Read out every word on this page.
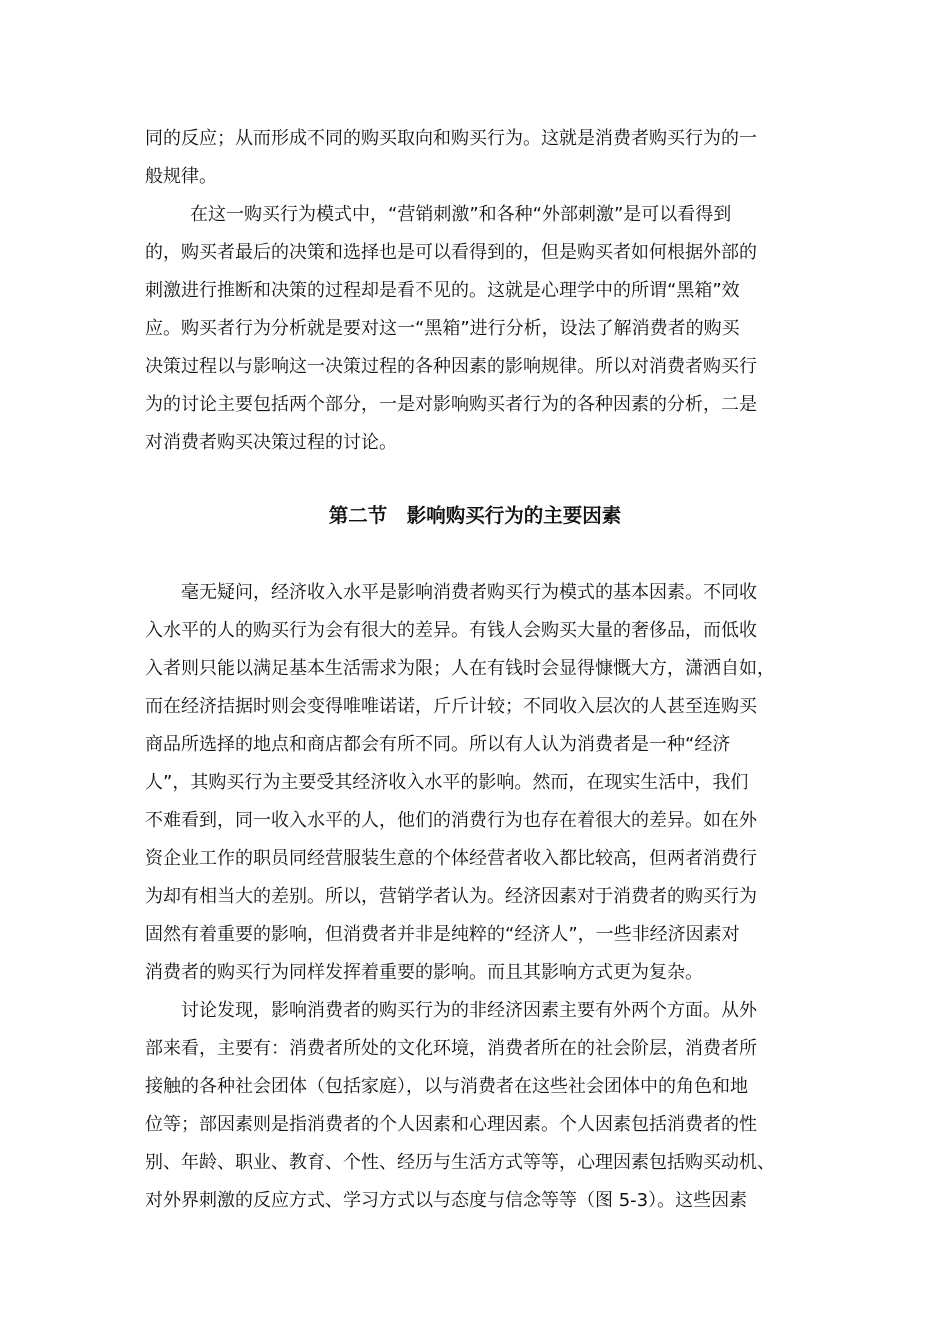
同的反应；从而形成不同的购买取向和购买行为。这就是消费者购买行为的一
般规律。
　在这一购买行为模式中，“营销刺激”和各种“外部刺激”是可以看得到
的，购买者最后的决策和选择也是可以看得到的，但是购买者如何根据外部的
刺激进行推断和决策的过程却是看不见的。这就是心理学中的所谓“黑箱”效
应。购买者行为分析就是要对这一“黑箱”进行分析，设法了解消费者的购买
决策过程以与影响这一决策过程的各种因素的影响规律。所以对消费者购买行
为的讨论主要包括两个部分，一是对影响购买者行为的各种因素的分析，二是
对消费者购买决策过程的讨论。
第二节　影响购买行为的主要因素
毫无疑问，经济收入水平是影响消费者购买行为模式的基本因素。不同收
入水平的人的购买行为会有很大的差异。有钱人会购买大量的奢侈品，而低收
入者则只能以满足基本生活需求为限；人在有钱时会显得慷慨大方，潇洒自如，
而在经济拮据时则会变得唯唯诺诺，斤斤计较；不同收入层次的人甚至连购买
商品所选择的地点和商店都会有所不同。所以有人认为消费者是一种“经济
人”，其购买行为主要受其经济收入水平的影响。然而，在现实生活中，我们
不难看到，同一收入水平的人，他们的消费行为也存在着很大的差异。如在外
资企业工作的职员同经营服装生意的个体经营者收入都比较高，但两者消费行
为却有相当大的差别。所以，营销学者认为。经济因素对于消费者的购买行为
固然有着重要的影响，但消费者并非是纯粹的“经济人”，一些非经济因素对
消费者的购买行为同样发挥着重要的影响。而且其影响方式更为复杂。
讨论发现，影响消费者的购买行为的非经济因素主要有外两个方面。从外
部来看，主要有：消费者所处的文化环境，消费者所在的社会阶层，消费者所
接触的各种社会团体（包括家庭），以与消费者在这些社会团体中的角色和地
位等；部因素则是指消费者的个人因素和心理因素。个人因素包括消费者的性
别、年龄、职业、教育、个性、经历与生活方式等等，心理因素包括购买动机、
对外界刺激的反应方式、学习方式以与态度与信念等等（图 5-3）。这些因素
